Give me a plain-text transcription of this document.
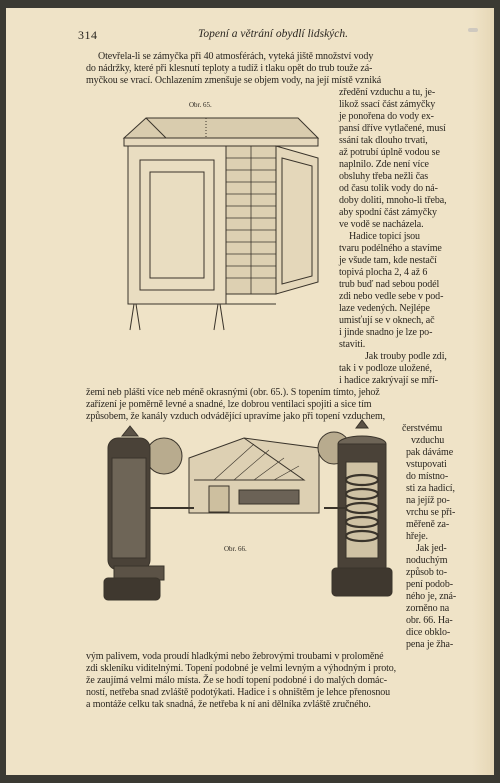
314	Topení a větrání obydlí lidských.
Obr. 65.
Obr. 66.
Otevřela-li se zámyčka při 40 atmosférách, vyteká jiště množství vody
do nádržky, které při klesnutí teploty a tudíž i tlaku opět do trub touže zá-
myčkou se vrací. Ochlazením zmenšuje se objem vody, na její místě vzniká
zředění vzduchu a tu, je-
likož ssací část zámyčky
je ponořena do vody ex-
pansí dříve vytlačené, musí
ssání tak dlouho trvati,
až potrubí úplně vodou se
naplnilo. Zde není více
obsluhy třeba nežli čas
od času tolik vody do ná-
doby doliti, mnoho-li třeba,
aby spodní část zámyčky
ve vodě se nacházela.
Hadice topicí jsou
tvaru podélného a stavíme
je všude tam, kde nestačí
topivá plocha 2, 4 až 6
trub buď nad sebou podél
zdi nebo vedle sebe v pod-
laze vedených. Nejlépe
umisťují se v oknech, ač
i jinde snadno je lze po-
staviti.
Jak trouby podle zdi,
tak i v podloze uložené,
i hadice zakrývají se mří-
žemi neb plášti více neb méně okrasnými (obr. 65.). S topením tímto, jehož
zařízení je poměrně levné a snadné, lze dobrou ventilaci spojiti a sice tím
způsobem, že kanály vzduch odvádějící upravíme jako při topení vzduchem,
čerstvému
vzduchu
pak dáváme
vstupovati
do místno-
sti za hadicí,
na jejíž po-
vrchu se při-
měřeně za-
hřeje.
Jak jed-
noduchým
způsob to-
pení podob-
ného je, zná-
zorněno na
obr. 66. Ha-
dice obklo-
pena je žha-
vým palivem, voda proudí hladkými nebo žebrovými troubami v proloměné
zdi skleníku viditelnými. Topení podobné je velmi levným a výhodným i proto,
že zaujímá velmi málo místa. Že se hodí topení podobné i do malých domác-
ností, netřeba snad zvláště podotýkati. Hadice i s ohništěm je lehce přenosnou
a montáže celku tak snadná, že netřeba k ní ani dělníka zvláště zručného.
